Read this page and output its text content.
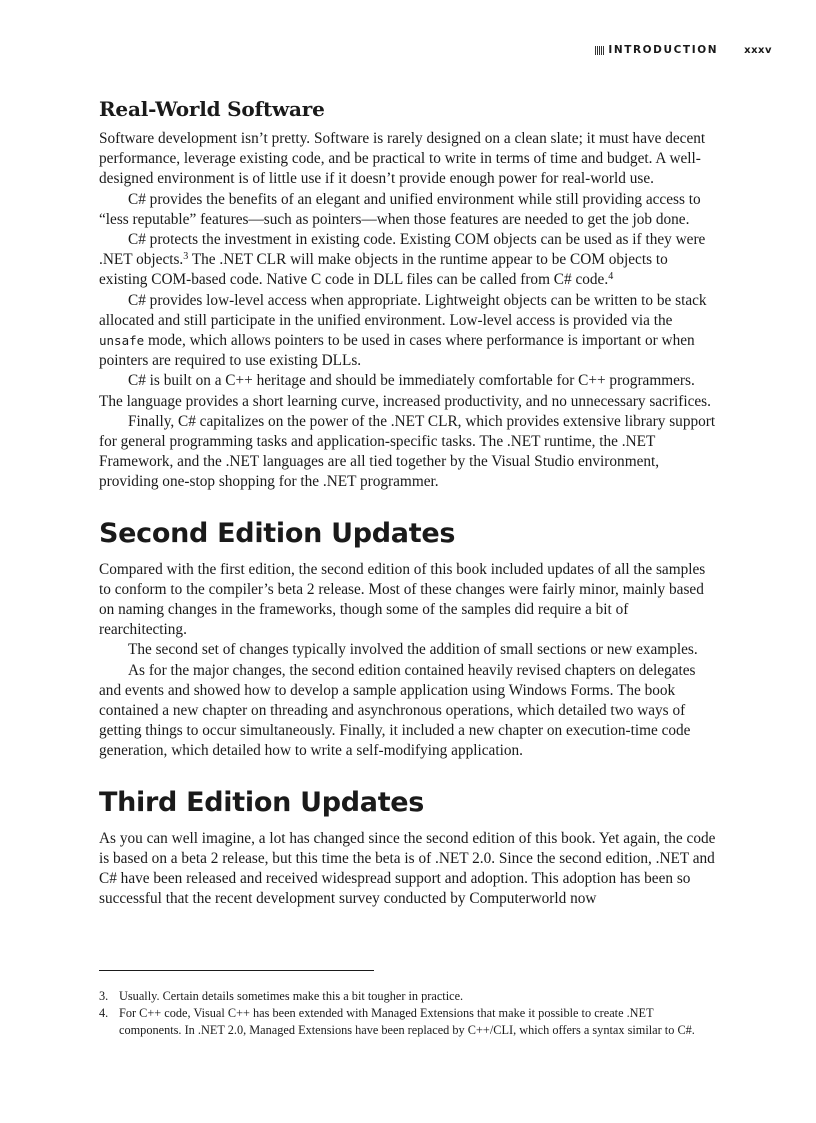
INTRODUCTION	xxxv
Real-World Software

Software development isn’t pretty. Software is rarely designed on a clean slate; it must have decent performance, leverage existing code, and be practical to write in terms of time and budget. A well-designed environment is of little use if it doesn’t provide enough power for real-world use.

C# provides the benefits of an elegant and unified environment while still providing access to “less reputable” features—such as pointers—when those features are needed to get the job done.

C# protects the investment in existing code. Existing COM objects can be used as if they were .NET objects.$^3$ The .NET CLR will make objects in the runtime appear to be COM objects to existing COM-based code. Native C code in DLL files can be called from C# code.$^4$

C# provides low-level access when appropriate. Lightweight objects can be written to be stack allocated and still participate in the unified environment. Low-level access is provided via the unsafe mode, which allows pointers to be used in cases where performance is important or when pointers are required to use existing DLLs.

C# is built on a C++ heritage and should be immediately comfortable for C++ programmers. The language provides a short learning curve, increased productivity, and no unnecessary sacrifices.

Finally, C# capitalizes on the power of the .NET CLR, which provides extensive library support for general programming tasks and application-specific tasks. The .NET runtime, the .NET Framework, and the .NET languages are all tied together by the Visual Studio environment, providing one-stop shopping for the .NET programmer.

Second Edition Updates

Compared with the first edition, the second edition of this book included updates of all the samples to conform to the compiler’s beta 2 release. Most of these changes were fairly minor, mainly based on naming changes in the frameworks, though some of the samples did require a bit of rearchitecting.

The second set of changes typically involved the addition of small sections or new examples.

As for the major changes, the second edition contained heavily revised chapters on delegates and events and showed how to develop a sample application using Windows Forms. The book contained a new chapter on threading and asynchronous operations, which detailed two ways of getting things to occur simultaneously. Finally, it included a new chapter on execution-time code generation, which detailed how to write a self-modifying application.

Third Edition Updates

As you can well imagine, a lot has changed since the second edition of this book. Yet again, the code is based on a beta 2 release, but this time the beta is of .NET 2.0. Since the second edition, .NET and C# have been released and received widespread support and adoption. This adoption has been so successful that the recent development survey conducted by Computerworld now

3. Usually. Certain details sometimes make this a bit tougher in practice.
4. For C++ code, Visual C++ has been extended with Managed Extensions that make it possible to create .NET components. In .NET 2.0, Managed Extensions have been replaced by C++/CLI, which offers a syntax similar to C#.
